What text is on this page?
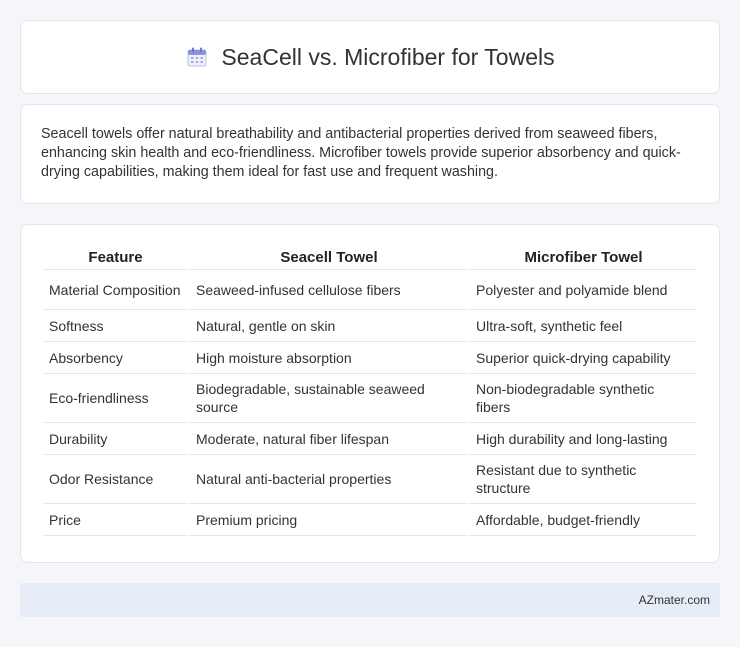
SeaCell vs. Microfiber for Towels

Seacell towels offer natural breathability and antibacterial properties derived from seaweed fibers, enhancing skin health and eco-friendliness. Microfiber towels provide superior absorbency and quick-drying capabilities, making them ideal for fast use and frequent washing.

Feature	Seacell Towel	Microfiber Towel
Material Composition	Seaweed-infused cellulose fibers	Polyester and polyamide blend
Softness	Natural, gentle on skin	Ultra-soft, synthetic feel
Absorbency	High moisture absorption	Superior quick-drying capability
Eco-friendliness	Biodegradable, sustainable seaweed source	Non-biodegradable synthetic fibers
Durability	Moderate, natural fiber lifespan	High durability and long-lasting
Odor Resistance	Natural anti-bacterial properties	Resistant due to synthetic structure
Price	Premium pricing	Affordable, budget-friendly
AZmater.com
